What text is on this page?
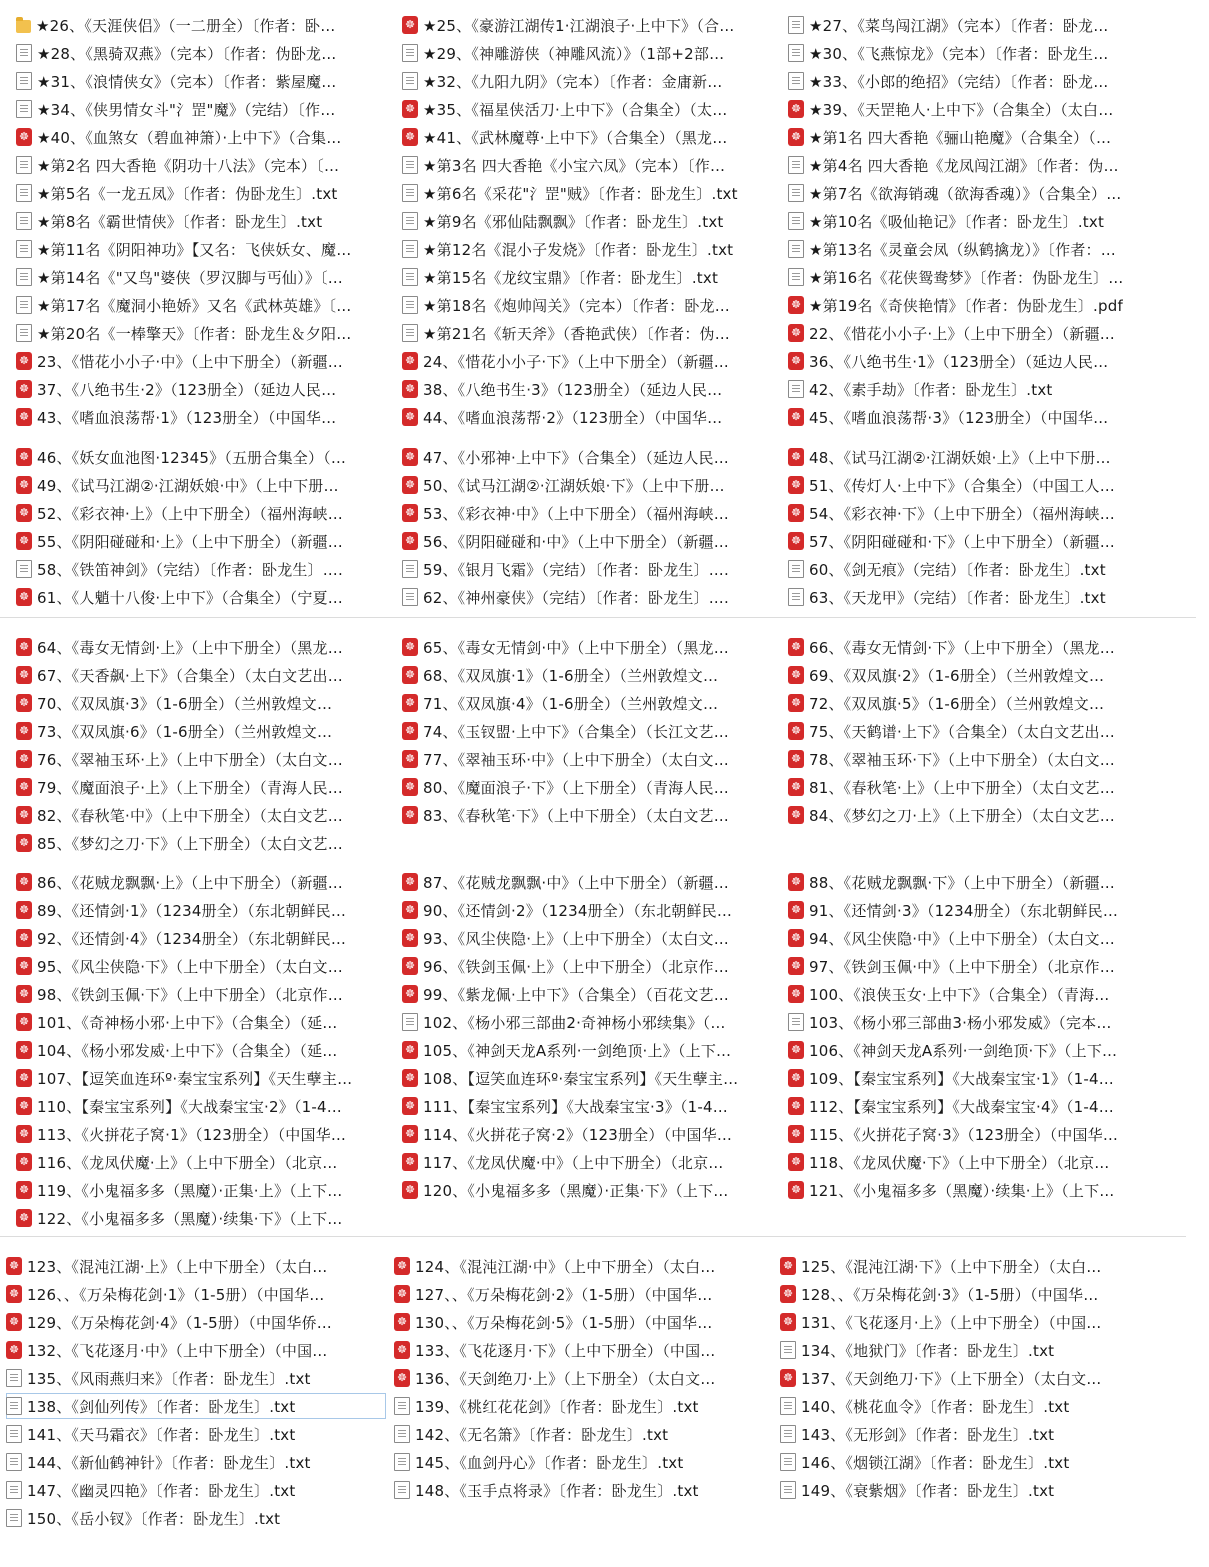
★26、《天涯侠侣》（一二册全）〔作者：卧…
★28、《黑骑双燕》（完本）〔作者：伪卧龙…
★31、《浪情侠女》（完本）〔作者：紫屋魔…
★34、《侠男情女斗"氵罡"魔》（完结）〔作…
☸
★40、《血煞女（碧血神箫）·上中下》（合集…
★第2名 四大香艳《阴功十八法》（完本）〔…
★第5名《一龙五凤》〔作者：伪卧龙生〕.txt
★第8名《霸世情侠》〔作者：卧龙生〕.txt
★第11名《阴阳神功》【又名：飞侠妖女、魔…
★第14名《"又鸟"婆侠（罗汉脚与丐仙）》〔…
★第17名《魔洞小艳娇》又名《武林英雄》〔…
★第20名《一棒擎天》〔作者：卧龙生＆夕阳…
☸
23、《惜花小小子·中》（上中下册全）（新疆…
☸
37、《八绝书生·2》（123册全）（延边人民…
☸
43、《嗜血浪荡帮·1》（123册全）（中国华…
☸
★25、《豪游江湖传1·江湖浪子·上中下》（合…
★29、《神雕游侠（神雕风流）》（1部+2部…
★32、《九阳九阴》（完本）〔作者：金庸新…
☸
★35、《福星侠活刀·上中下》（合集全）（太…
☸
★41、《武林魔尊·上中下》（合集全）（黑龙…
★第3名 四大香艳《小宝六凤》（完本）〔作…
★第6名《采花"氵罡"贼》〔作者：卧龙生〕.txt
★第9名《邪仙陆飘飘》〔作者：卧龙生〕.txt
★第12名《混小子发烧》〔作者：卧龙生〕.txt
★第15名《龙纹宝鼎》〔作者：卧龙生〕.txt
★第18名《炮帅闯关》（完本）〔作者：卧龙…
★第21名《斩天斧》（香艳武侠）〔作者：伪…
☸
24、《惜花小小子·下》（上中下册全）（新疆…
☸
38、《八绝书生·3》（123册全）（延边人民…
☸
44、《嗜血浪荡帮·2》（123册全）（中国华…
★27、《菜鸟闯江湖》（完本）〔作者：卧龙…
★30、《飞燕惊龙》（完本）〔作者：卧龙生…
★33、《小郎的绝招》（完结）〔作者：卧龙…
☸
★39、《天罡艳人·上中下》（合集全）（太白…
☸
★第1名 四大香艳《骊山艳魔》（合集全）（…
★第4名 四大香艳《龙凤闯江湖》〔作者：伪…
★第7名《欲海销魂（欲海香魂）》（合集全）…
★第10名《吸仙艳记》〔作者：卧龙生〕.txt
★第13名《灵童会凤（纵鹤擒龙）》〔作者：…
★第16名《花侠鸳鸯梦》〔作者：伪卧龙生〕…
☸
★第19名《奇侠艳情》〔作者：伪卧龙生〕.pdf
☸
22、《惜花小小子·上》（上中下册全）（新疆…
☸
36、《八绝书生·1》（123册全）（延边人民…
42、《素手劫》〔作者：卧龙生〕.txt
☸
45、《嗜血浪荡帮·3》（123册全）（中国华…
☸
46、《妖女血池图·12345》（五册合集全）（…
☸
49、《试马江湖②·江湖妖娘·中》（上中下册…
☸
52、《彩衣神·上》（上中下册全）（福州海峡…
☸
55、《阴阳碰碰和·上》（上中下册全）（新疆…
58、《铁笛神剑》（完结）〔作者：卧龙生〕….
☸
61、《人魈十八俊·上中下》（合集全）（宁夏…
☸
47、《小邪神·上中下》（合集全）（延边人民…
☸
50、《试马江湖②·江湖妖娘·下》（上中下册…
☸
53、《彩衣神·中》（上中下册全）（福州海峡…
☸
56、《阴阳碰碰和·中》（上中下册全）（新疆…
59、《银月飞霜》（完结）〔作者：卧龙生〕….
62、《神州豪侠》（完结）〔作者：卧龙生〕….
☸
48、《试马江湖②·江湖妖娘·上》（上中下册…
☸
51、《传灯人·上中下》（合集全）（中国工人…
☸
54、《彩衣神·下》（上中下册全）（福州海峡…
☸
57、《阴阳碰碰和·下》（上中下册全）（新疆…
60、《剑无痕》（完结）〔作者：卧龙生〕.txt
63、《天龙甲》（完结）〔作者：卧龙生〕.txt
☸
64、《毒女无情剑·上》（上中下册全）（黑龙…
☸
67、《天香飙·上下》（合集全）（太白文艺出…
☸
70、《双凤旗·3》（1-6册全）（兰州敦煌文…
☸
73、《双凤旗·6》（1-6册全）（兰州敦煌文…
☸
76、《翠袖玉环·上》（上中下册全）（太白文…
☸
79、《魔面浪子·上》（上下册全）（青海人民…
☸
82、《春秋笔·中》（上中下册全）（太白文艺…
☸
85、《梦幻之刀·下》（上下册全）（太白文艺…
☸
65、《毒女无情剑·中》（上中下册全）（黑龙…
☸
68、《双凤旗·1》（1-6册全）（兰州敦煌文…
☸
71、《双凤旗·4》（1-6册全）（兰州敦煌文…
☸
74、《玉钗盟·上中下》（合集全）（长江文艺…
☸
77、《翠袖玉环·中》（上中下册全）（太白文…
☸
80、《魔面浪子·下》（上下册全）（青海人民…
☸
83、《春秋笔·下》（上中下册全）（太白文艺…
☸
66、《毒女无情剑·下》（上中下册全）（黑龙…
☸
69、《双凤旗·2》（1-6册全）（兰州敦煌文…
☸
72、《双凤旗·5》（1-6册全）（兰州敦煌文…
☸
75、《天鹤谱·上下》（合集全）（太白文艺出…
☸
78、《翠袖玉环·下》（上中下册全）（太白文…
☸
81、《春秋笔·上》（上中下册全）（太白文艺…
☸
84、《梦幻之刀·上》（上下册全）（太白文艺…
☸
86、《花贼龙飘飘·上》（上中下册全）（新疆…
☸
89、《还情剑·1》（1234册全）（东北朝鲜民…
☸
92、《还情剑·4》（1234册全）（东北朝鲜民…
☸
95、《风尘侠隐·下》（上中下册全）（太白文…
☸
98、《铁剑玉佩·下》（上中下册全）（北京作…
☸
101、《奇神杨小邪·上中下》（合集全）（延…
☸
104、《杨小邪发威·上中下》（合集全）（延…
☸
107、【逗笑血连环º·秦宝宝系列】《天生孽主…
☸
110、【秦宝宝系列】《大战秦宝宝·2》（1-4…
☸
113、《火拼花子窝·1》（123册全）（中国华…
☸
116、《龙凤伏魔·上》（上中下册全）（北京…
☸
119、《小鬼福多多（黑魔）·正集·上》（上下…
☸
122、《小鬼福多多（黑魔）·续集·下》（上下…
☸
87、《花贼龙飘飘·中》（上中下册全）（新疆…
☸
90、《还情剑·2》（1234册全）（东北朝鲜民…
☸
93、《风尘侠隐·上》（上中下册全）（太白文…
☸
96、《铁剑玉佩·上》（上中下册全）（北京作…
☸
99、《紫龙佩·上中下》（合集全）（百花文艺…
102、《杨小邪三部曲2·奇神杨小邪续集》（…
☸
105、《神剑天龙A系列·一剑绝顶·上》（上下…
☸
108、【逗笑血连环º·秦宝宝系列】《天生孽主…
☸
111、【秦宝宝系列】《大战秦宝宝·3》（1-4…
☸
114、《火拼花子窝·2》（123册全）（中国华…
☸
117、《龙凤伏魔·中》（上中下册全）（北京…
☸
120、《小鬼福多多（黑魔）·正集·下》（上下…
☸
88、《花贼龙飘飘·下》（上中下册全）（新疆…
☸
91、《还情剑·3》（1234册全）（东北朝鲜民…
☸
94、《风尘侠隐·中》（上中下册全）（太白文…
☸
97、《铁剑玉佩·中》（上中下册全）（北京作…
☸
100、《浪侠玉女·上中下》（合集全）（青海…
103、《杨小邪三部曲3·杨小邪发威》（完本…
☸
106、《神剑天龙A系列·一剑绝顶·下》（上下…
☸
109、【秦宝宝系列】《大战秦宝宝·1》（1-4…
☸
112、【秦宝宝系列】《大战秦宝宝·4》（1-4…
☸
115、《火拼花子窝·3》（123册全）（中国华…
☸
118、《龙凤伏魔·下》（上中下册全）（北京…
☸
121、《小鬼福多多（黑魔）·续集·上》（上下…
☸
123、《混沌江湖·上》（上中下册全）（太白…
☸
126、、《万朵梅花剑·1》（1-5册）（中国华…
☸
129、《万朵梅花剑·4》（1-5册）（中国华侨…
☸
132、《飞花逐月·中》（上中下册全）（中国…
135、《风雨燕归来》〔作者：卧龙生〕.txt
138、《剑仙列传》〔作者：卧龙生〕.txt
141、《天马霜衣》〔作者：卧龙生〕.txt
144、《新仙鹤神针》〔作者：卧龙生〕.txt
147、《幽灵四艳》〔作者：卧龙生〕.txt
150、《岳小钗》〔作者：卧龙生〕.txt
☸
124、《混沌江湖·中》（上中下册全）（太白…
☸
127、、《万朵梅花剑·2》（1-5册）（中国华…
☸
130、、《万朵梅花剑·5》（1-5册）（中国华…
☸
133、《飞花逐月·下》（上中下册全）（中国…
☸
136、《天剑绝刀·上》（上下册全）（太白文…
139、《桃红花花剑》〔作者：卧龙生〕.txt
142、《无名箫》〔作者：卧龙生〕.txt
145、《血剑丹心》〔作者：卧龙生〕.txt
148、《玉手点将录》〔作者：卧龙生〕.txt
☸
125、《混沌江湖·下》（上中下册全）（太白…
☸
128、、《万朵梅花剑·3》（1-5册）（中国华…
☸
131、《飞花逐月·上》（上中下册全）（中国…
134、《地狱门》〔作者：卧龙生〕.txt
☸
137、《天剑绝刀·下》（上下册全）（太白文…
140、《桃花血令》〔作者：卧龙生〕.txt
143、《无形剑》〔作者：卧龙生〕.txt
146、《烟锁江湖》〔作者：卧龙生〕.txt
149、《衰紫烟》〔作者：卧龙生〕.txt
